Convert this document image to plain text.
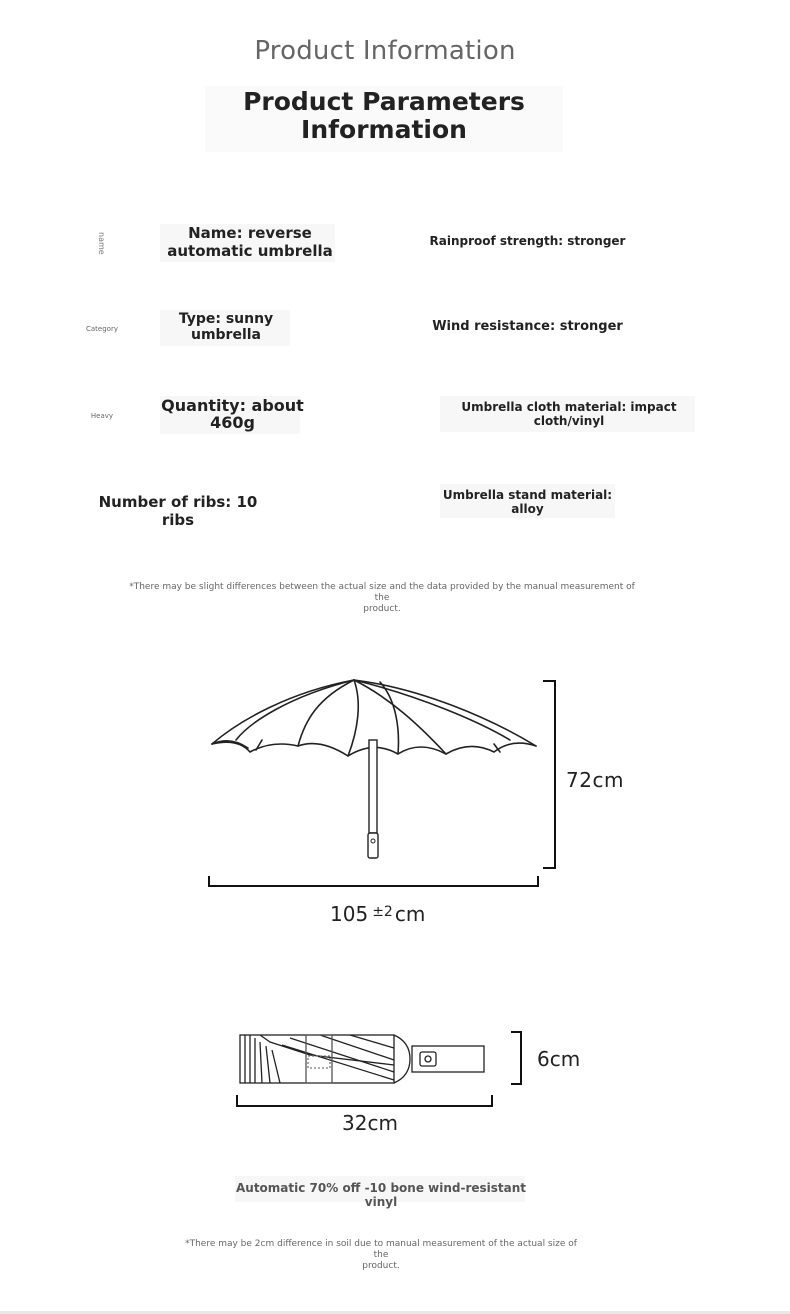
Product Information
Product Parameters
Information
name	Name: reverse
automatic umbrella
Rainproof strength: stronger
Category
Type: sunny
umbrella
Wind resistance: stronger
Heavy
Quantity: about
460g
Umbrella cloth material: impact
cloth/vinyl
Number of ribs: 10 ribs
Umbrella stand material:
alloy
*There may be slight differences between the actual size and the data provided by the manual measurement of the
product.
72cm
105 $^{\pm 2}$ cm
6cm
32cm
Automatic 70% off -10 bone wind-resistant vinyl
*There may be 2cm difference in soil due to manual measurement of the actual size of the
product.
